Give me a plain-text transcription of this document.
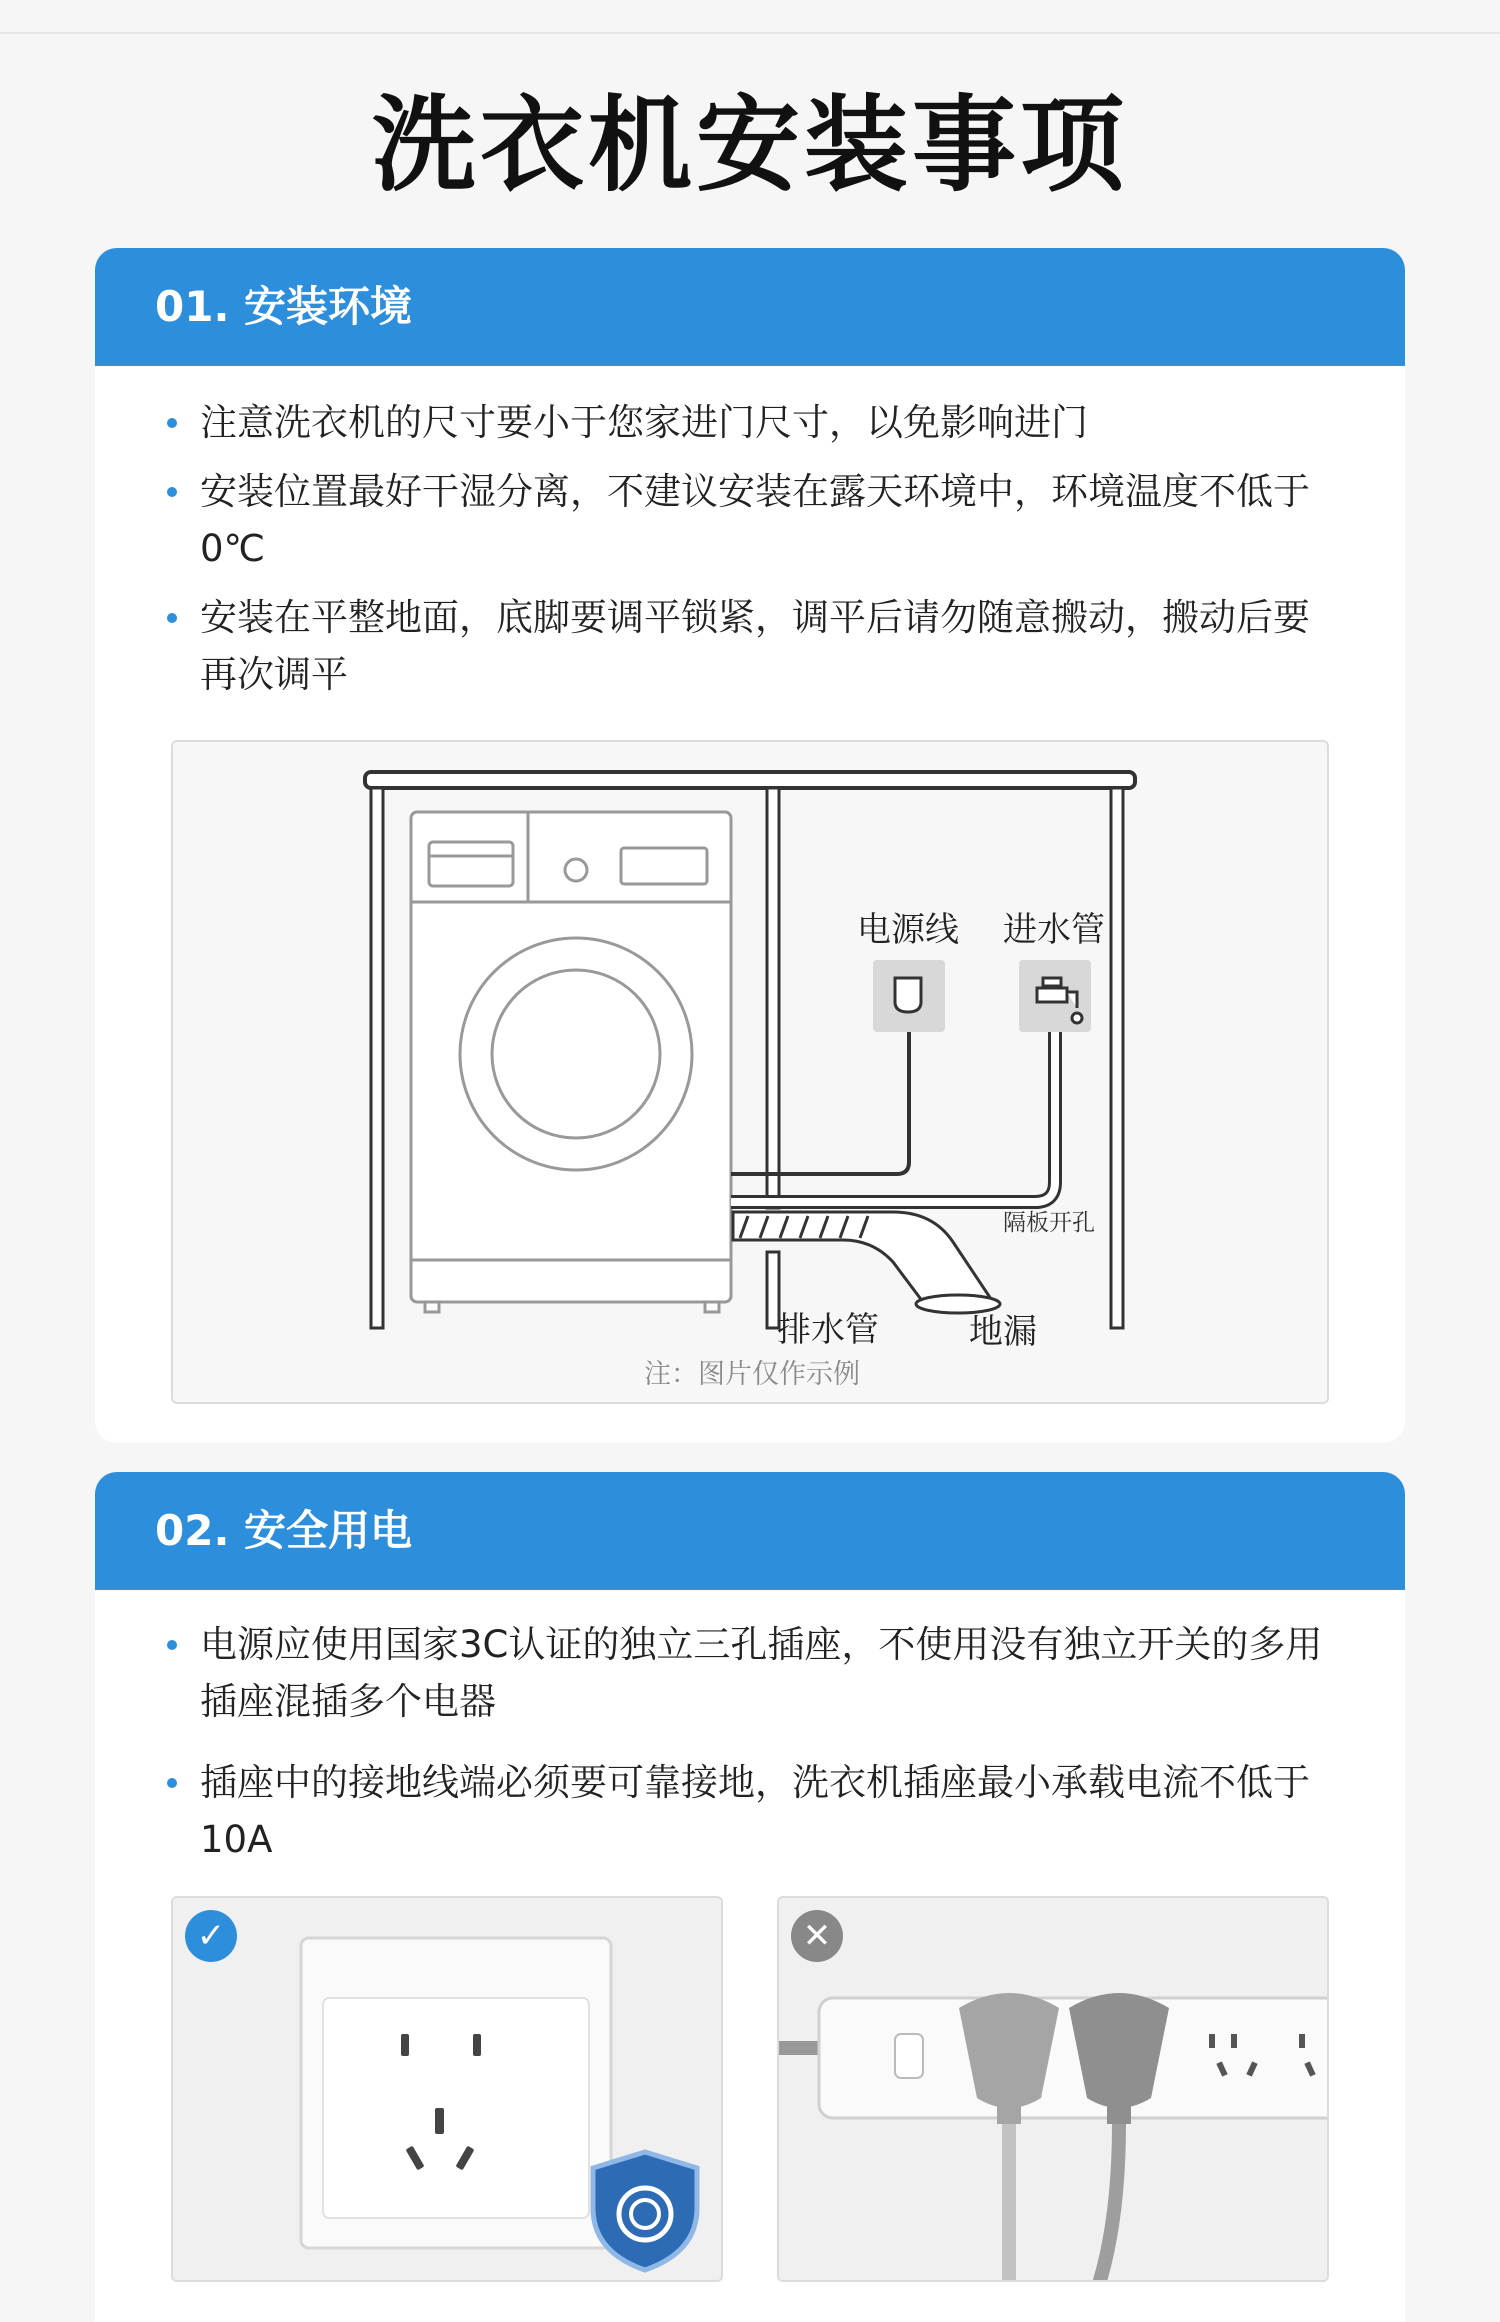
洗衣机安装事项
01. 安装环境
注意洗衣机的尺寸要小于您家进门尺寸，以免影响进门
安装位置最好干湿分离，不建议安装在露天环境中，环境温度不低于0℃
安装在平整地面，底脚要调平锁紧，调平后请勿随意搬动，搬动后要再次调平
电源线 进水管
隔板开孔
排水管	地漏
注：图片仅作示例
02. 安全用电
电源应使用国家3C认证的独立三孔插座，不使用没有独立开关的多用插座混插多个电器
插座中的接地线端必须要可靠接地，洗衣机插座最小承载电流不低于10A
✓	✕
